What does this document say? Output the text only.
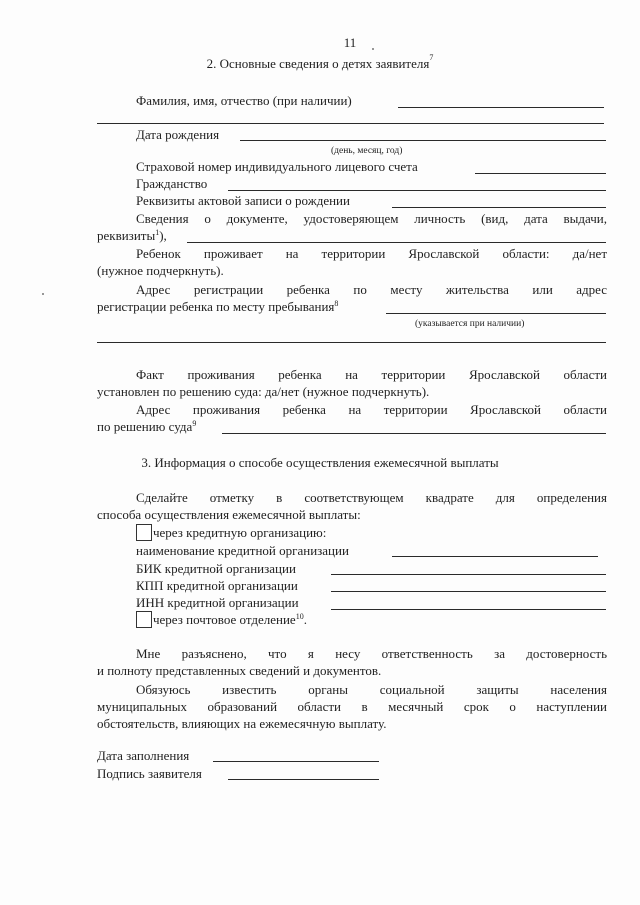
11
2. Основные сведения о детях заявителя$^7$
Фамилия, имя, отчество (при наличии)
Дата рождения
(день, месяц, год)
Страховой номер индивидуального лицевого счета
Гражданство
Реквизиты актовой записи о рождении
Сведения о документе, удостоверяющем личность (вид, дата выдачи,
реквизиты$^1$),
Ребенок проживает на территории Ярославской области: да/нет
(нужное подчеркнуть).
Адрес регистрации ребенка по месту жительства или адрес
регистрации ребенка по месту пребывания$^8$
(указывается при наличии)
Факт проживания ребенка на территории Ярославской области
установлен по решению суда: да/нет (нужное подчеркнуть).
Адрес проживания ребенка на территории Ярославской области
по решению суда$^9$
3. Информация о способе осуществления ежемесячной выплаты
Сделайте отметку в соответствующем квадрате для определения
способа осуществления ежемесячной выплаты:
через кредитную организацию:
наименование кредитной организации
БИК кредитной организации
КПП кредитной организации
ИНН кредитной организации
через почтовое отделение$^{10}$.
Мне разъяснено, что я несу ответственность за достоверность
и полноту представленных сведений и документов.
Обязуюсь известить органы социальной защиты населения
муниципальных образований области в месячный срок о наступлении
обстоятельств, влияющих на ежемесячную выплату.
Дата заполнения
Подпись заявителя
